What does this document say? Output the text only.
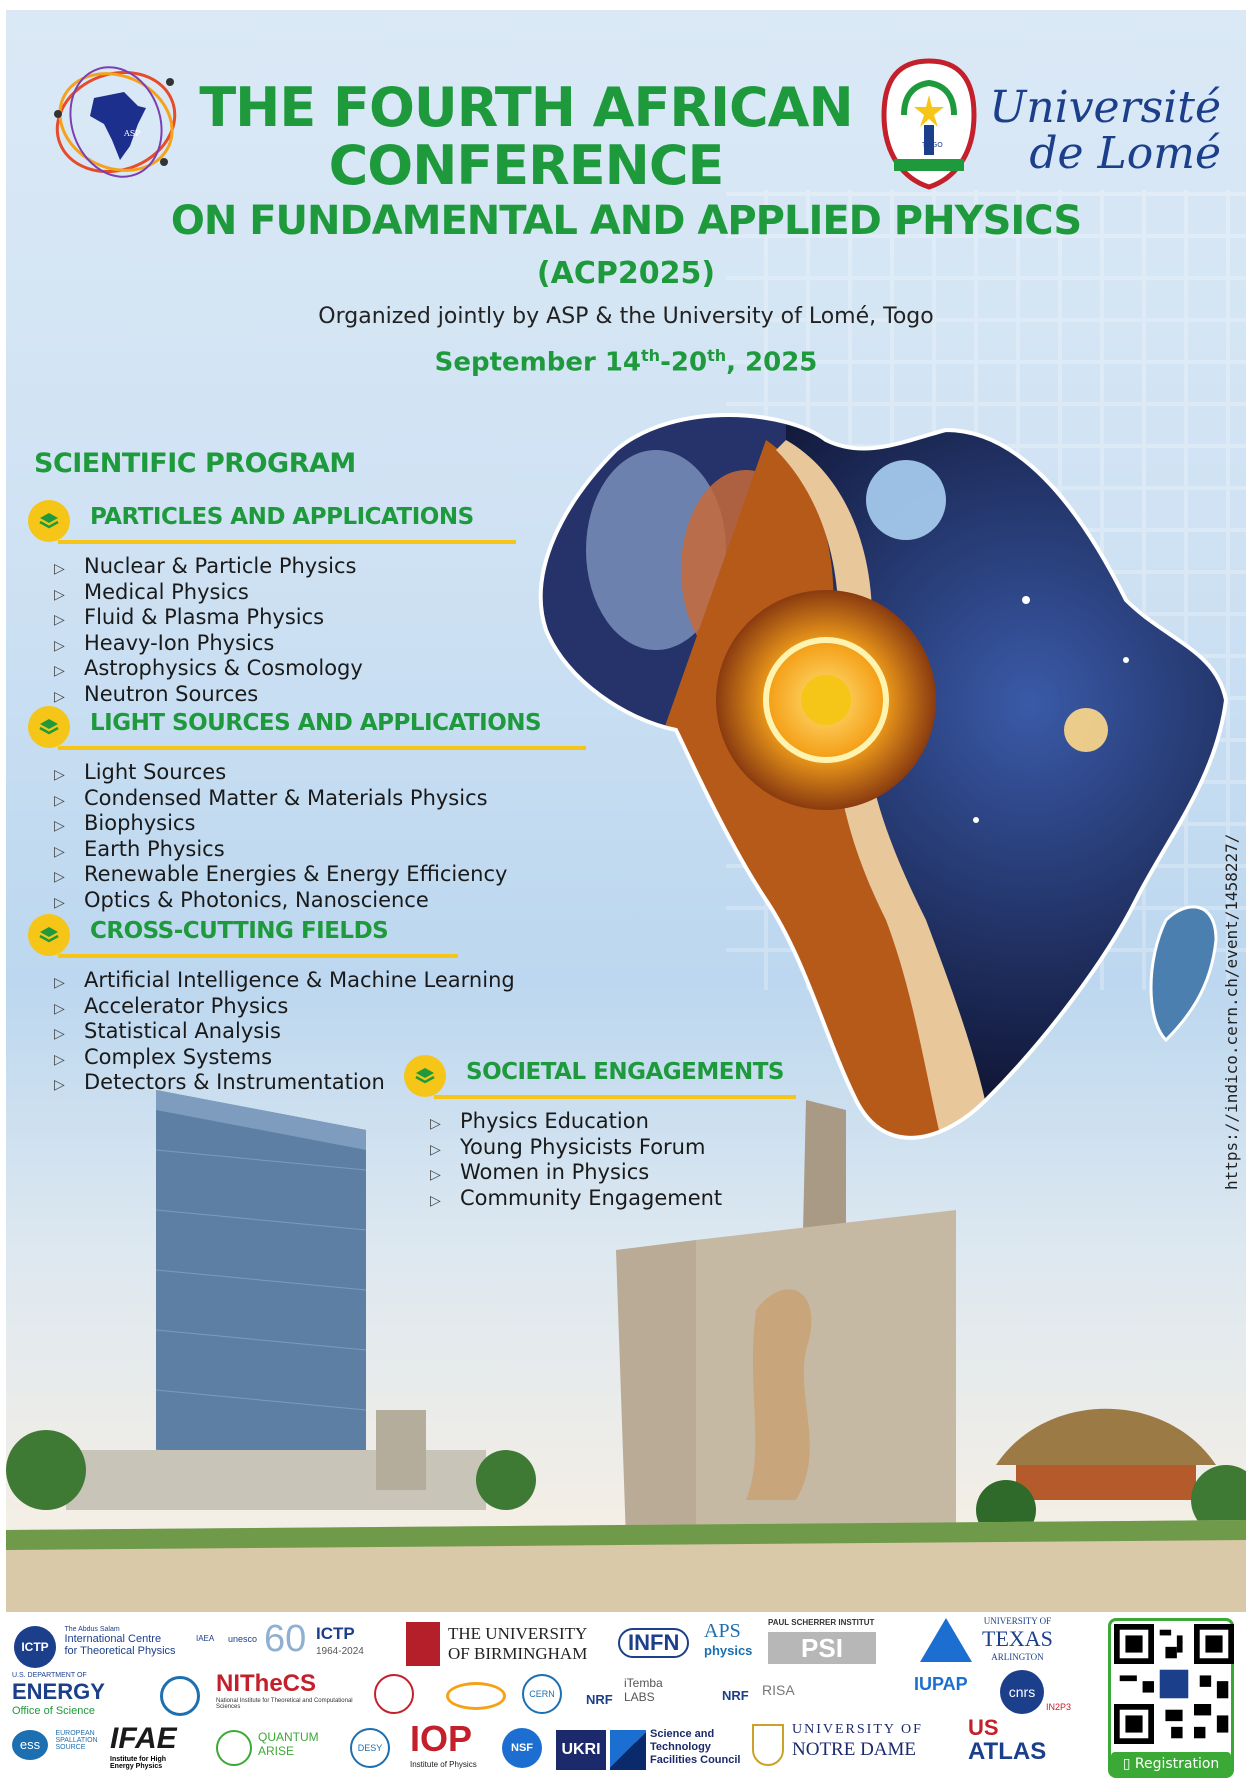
ASP THE FOURTH AFRICAN
CONFERENCE	TOGO
Université
de Lomé
ON FUNDAMENTAL AND APPLIED PHYSICS
(ACP2025)
Organized jointly by ASP & the University of Lomé, Togo
September 14th-20th, 2025
SCIENTIFIC PROGRAM
PARTICLES AND APPLICATIONS
▷ Nuclear & Particle Physics
▷ Medical Physics
▷ Fluid & Plasma Physics
▷ Heavy-Ion Physics
▷ Astrophysics & Cosmology
▷ Neutron Sources
LIGHT SOURCES AND APPLICATIONS
▷ Light Sources
▷ Condensed Matter & Materials Physics
▷ Biophysics
▷ Earth Physics
▷ Renewable Energies & Energy Efficiency
▷ Optics & Photonics, Nanoscience
CROSS-CUTTING FIELDS
▷ Artificial Intelligence & Machine Learning
▷ Accelerator Physics
▷ Statistical Analysis
▷ Complex Systems
▷ Detectors & Instrumentation	SOCIETAL ENGAGEMENTS
▷ Physics Education
▷ Young Physicists Forum
▷ Women in Physics
▷ Community Engagement
https://indico.cern.ch/event/1458227/
ICTP
The Abdus Salam
International Centre
for Theoretical Physics
IAEA unesco 60 ICTP
1964-2024
THE UNIVERSITY
OF BIRMINGHAM	INFN	APS
physics
PAUL SCHERRER INSTITUT
PSI
UNIVERSITY OF
TEXAS
ARLINGTON
U.S. DEPARTMENT OF
ENERGY
Office of Science
NITheCS
National Institute for Theoretical and Computational Sciences
CERN	NRF
iTemba LABS	NRF RISA	IUPAP	cnrs
IN2P3
ess EUROPEAN SPALLATION SOURCE IFAE
Institute for High Energy Physics
QUANTUM
ARISE	DESY IOP
Institute of Physics
NSF	UKRI
Science and
Technology
Facilities Council
UNIVERSITY OF
NOTRE DAME
US
ATLAS	▯ Registration
